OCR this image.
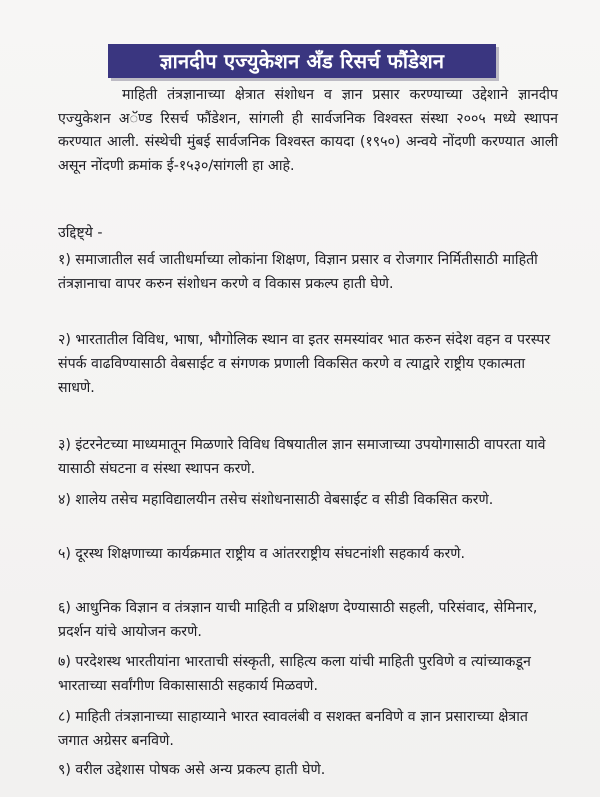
ज्ञानदीप एज्युकेशन अँड रिसर्च फौंडेशन

माहिती तंत्रज्ञानाच्या क्षेत्रात संशोधन व ज्ञान प्रसार करण्याच्या उद्देशाने ज्ञानदीप एज्युकेशन अॅण्ड रिसर्च फौंडेशन, सांगली ही सार्वजनिक विश्वस्त संस्था २००५ मध्ये स्थापन करण्यात आली. संस्थेची मुंबई सार्वजनिक विश्वस्त कायदा (१९५०) अन्वये नोंदणी करण्यात आली असून नोंदणी क्रमांक ई-१५३०/सांगली हा आहे.

उद्दिष्ट्ये -

१) समाजातील सर्व जातीधर्माच्या लोकांना शिक्षण, विज्ञान प्रसार व रोजगार निर्मितीसाठी माहिती तंत्रज्ञानाचा वापर करुन संशोधन करणे व विकास प्रकल्प हाती घेणे.

२) भारतातील विविध, भाषा, भौगोलिक स्थान वा इतर समस्यांवर भात करुन संदेश वहन व परस्पर संपर्क वाढविण्यासाठी वेबसाईट व संगणक प्रणाली विकसित करणे व त्याद्वारे राष्ट्रीय एकात्मता साधणे.

३) इंटरनेटच्या माध्यमातून मिळणारे विविध विषयातील ज्ञान समाजाच्या उपयोगासाठी वापरता यावे यासाठी संघटना व संस्था स्थापन करणे.

४) शालेय तसेच महाविद्यालयीन तसेच संशोधनासाठी वेबसाईट व सीडी विकसित करणे.

५) दूरस्थ शिक्षणाच्या कार्यक्रमात राष्ट्रीय व आंतरराष्ट्रीय संघटनांशी सहकार्य करणे.

६) आधुनिक विज्ञान व तंत्रज्ञान याची माहिती व प्रशिक्षण देण्यासाठी सहली, परिसंवाद, सेमिनार, प्रदर्शन यांचे आयोजन करणे.

७) परदेशस्थ भारतीयांना भारताची संस्कृती, साहित्य कला यांची माहिती पुरविणे व त्यांच्याकडून भारताच्या सर्वांगीण विकासासाठी सहकार्य मिळवणे.

८) माहिती तंत्रज्ञानाच्या साहाय्याने भारत स्वावलंबी व सशक्त बनविणे व ज्ञान प्रसाराच्या क्षेत्रात जगात अग्रेसर बनविणे.

९) वरील उद्देशास पोषक असे अन्य प्रकल्प हाती घेणे.
